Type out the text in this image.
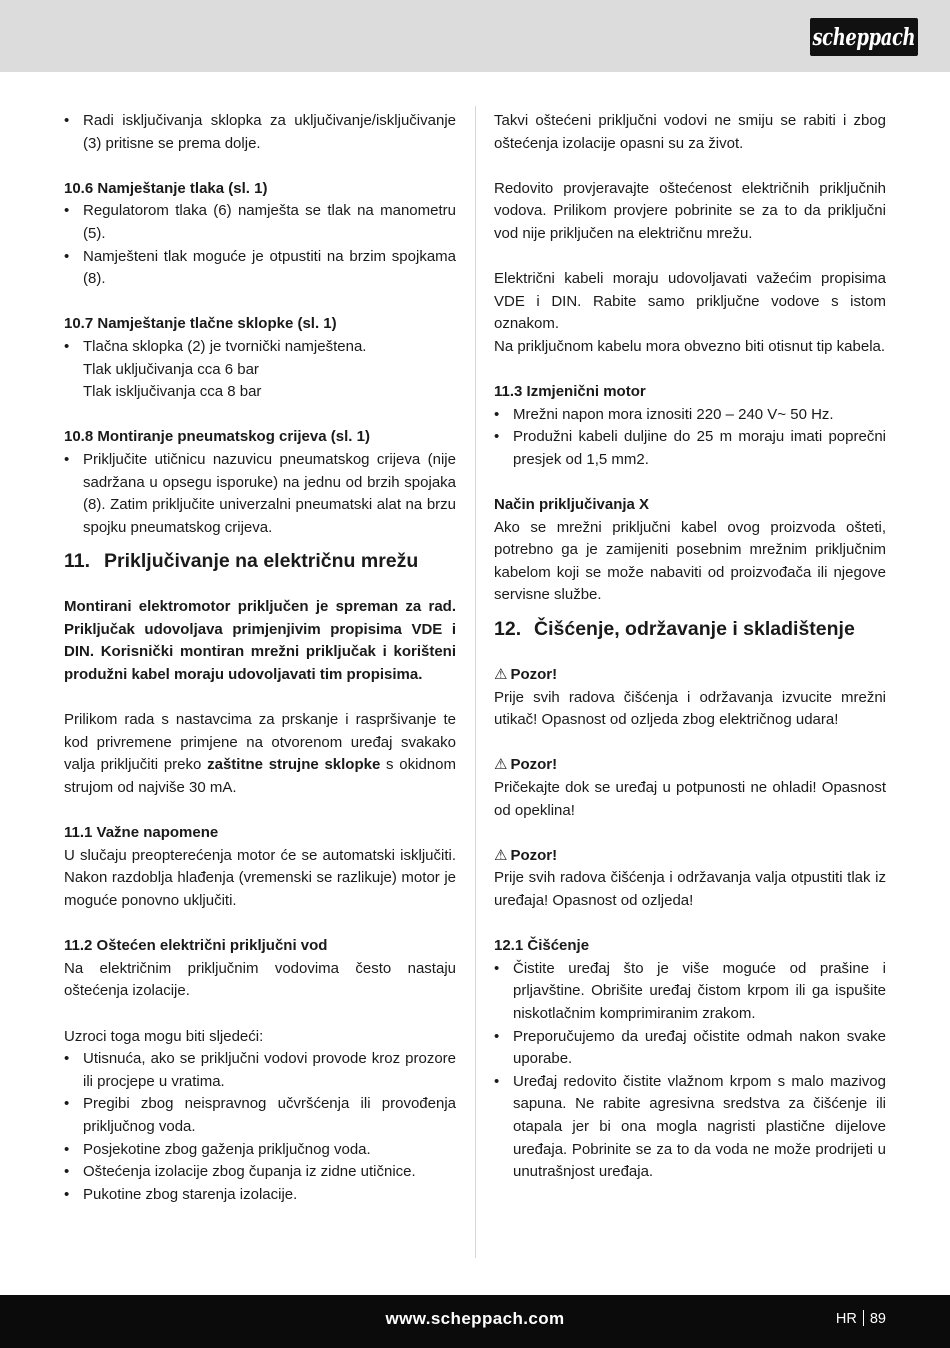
scheppach
• Radi isključivanja sklopka za uključivanje/isključivanje (3) pritisne se prema dolje.

10.6 Namještanje tlaka (sl. 1)

• Regulatorom tlaka (6) namješta se tlak na manometru (5).
• Namješteni tlak moguće je otpustiti na brzim spojkama (8).

10.7 Namještanje tlačne sklopke (sl. 1)

• Tlačna sklopka (2) je tvornički namještena.

Tlak uključivanja cca 6 bar

Tlak isključivanja cca 8 bar

10.8 Montiranje pneumatskog crijeva (sl. 1)

• Priključite utičnicu nazuvicu pneumatskog crijeva (nije sadržana u opsegu isporuke) na jednu od brzih spojaka (8). Zatim priključite univerzalni pneumatski alat na brzu spojku pneumatskog crijeva.
11. Priključivanje na električnu mrežu

Montirani elektromotor priključen je spreman za rad. Priključak udovoljava primjenjivim propisima VDE i DIN. Korisnički montiran mrežni priključak i korišteni produžni kabel moraju udovoljavati tim propisima.

Prilikom rada s nastavcima za prskanje i raspršivanje te kod privremene primjene na otvorenom uređaj svakako valja priključiti preko zaštitne strujne sklopke s okidnom strujom od najviše 30 mA.

11.1 Važne napomene

U slučaju preopterećenja motor će se automatski isključiti. Nakon razdoblja hlađenja (vremenski se razlikuje) motor je moguće ponovno uključiti.

11.2 Oštećen električni priključni vod

Na električnim priključnim vodovima često nastaju oštećenja izolacije.

Uzroci toga mogu biti sljedeći:

• Utisnuća, ako se priključni vodovi provode kroz prozore ili procjepe u vratima.
• Pregibi zbog neispravnog učvršćenja ili provođenja priključnog voda.
• Posjekotine zbog gaženja priključnog voda.
• Oštećenja izolacije zbog čupanja iz zidne utičnice.
• Pukotine zbog starenja izolacije.

Takvi oštećeni priključni vodovi ne smiju se rabiti i zbog oštećenja izolacije opasni su za život.

Redovito provjeravajte oštećenost električnih priključnih vodova. Prilikom provjere pobrinite se za to da priključni vod nije priključen na električnu mrežu.

Električni kabeli moraju udovoljavati važećim propisima VDE i DIN. Rabite samo priključne vodove s istom oznakom.

Na priključnom kabelu mora obvezno biti otisnut tip kabela.

11.3 Izmjenični motor

• Mrežni napon mora iznositi 220 – 240 V~ 50 Hz.
• Produžni kabeli duljine do 25 m moraju imati poprečni presjek od 1,5 mm2.

Način priključivanja X

Ako se mrežni priključni kabel ovog proizvoda ošteti, potrebno ga je zamijeniti posebnim mrežnim priključnim kabelom koji se može nabaviti od proizvođača ili njegove servisne službe.

12. Čišćenje, održavanje i skladištenje

⚠ Pozor!

Prije svih radova čišćenja i održavanja izvucite mrežni utikač! Opasnost od ozljeda zbog električnog udara!

⚠ Pozor!

Pričekajte dok se uređaj u potpunosti ne ohladi! Opasnost od opeklina!

⚠ Pozor!

Prije svih radova čišćenja i održavanja valja otpustiti tlak iz uređaja! Opasnost od ozljeda!

12.1 Čišćenje

• Čistite uređaj što je više moguće od prašine i prljavštine. Obrišite uređaj čistom krpom ili ga ispušite niskotlačnim komprimiranim zrakom.
• Preporučujemo da uređaj očistite odmah nakon svake uporabe.
• Uređaj redovito čistite vlažnom krpom s malo mazivog sapuna. Ne rabite agresivna sredstva za čišćenje ili otapala jer bi ona mogla nagristi plastične dijelove uređaja. Pobrinite se za to da voda ne može prodrijeti u unutrašnjost uređaja.
www.scheppach.com	HR 89
